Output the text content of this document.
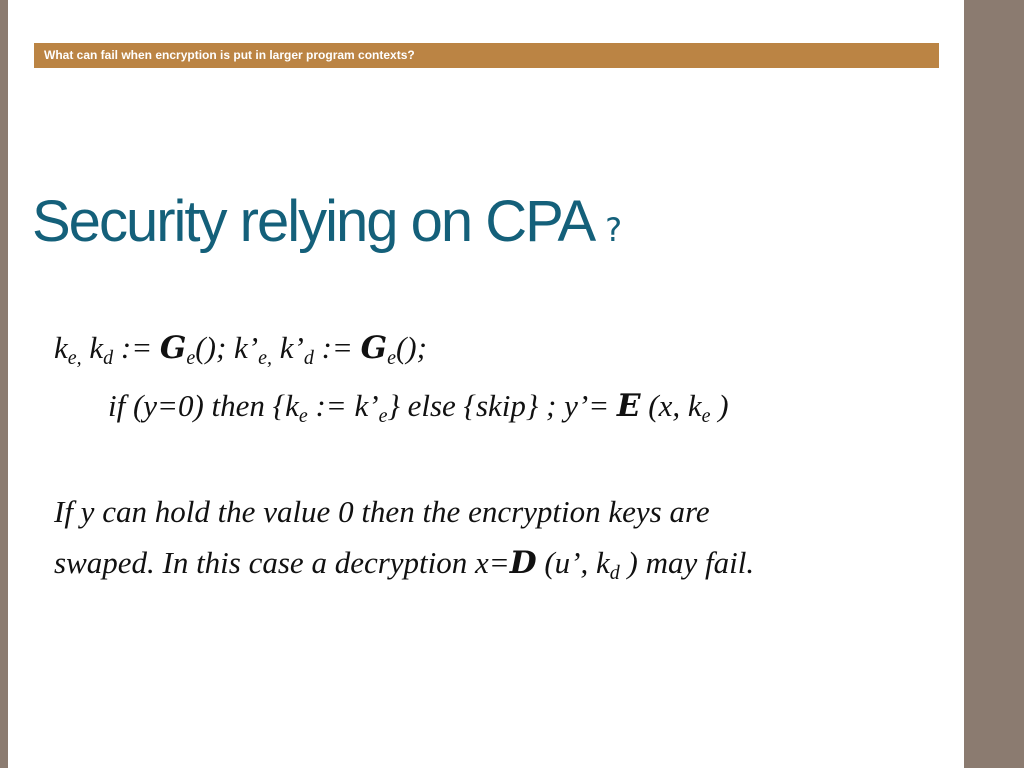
What can fail when encryption is put in larger program contexts?
Security relying on CPA ?
$k_{e,}$ $k_d$ := $G_e()$; $k’_{e,}$ $k’_d$ := $G_e()$;
if (y=0) then {$k_e$ := $k’_e$} else {skip} ; y’= E (x, $k_e$ )
If y can hold the value 0 then the encryption keys are
swaped. In this case a decryption x=D (u’, $k_d$ ) may fail.
